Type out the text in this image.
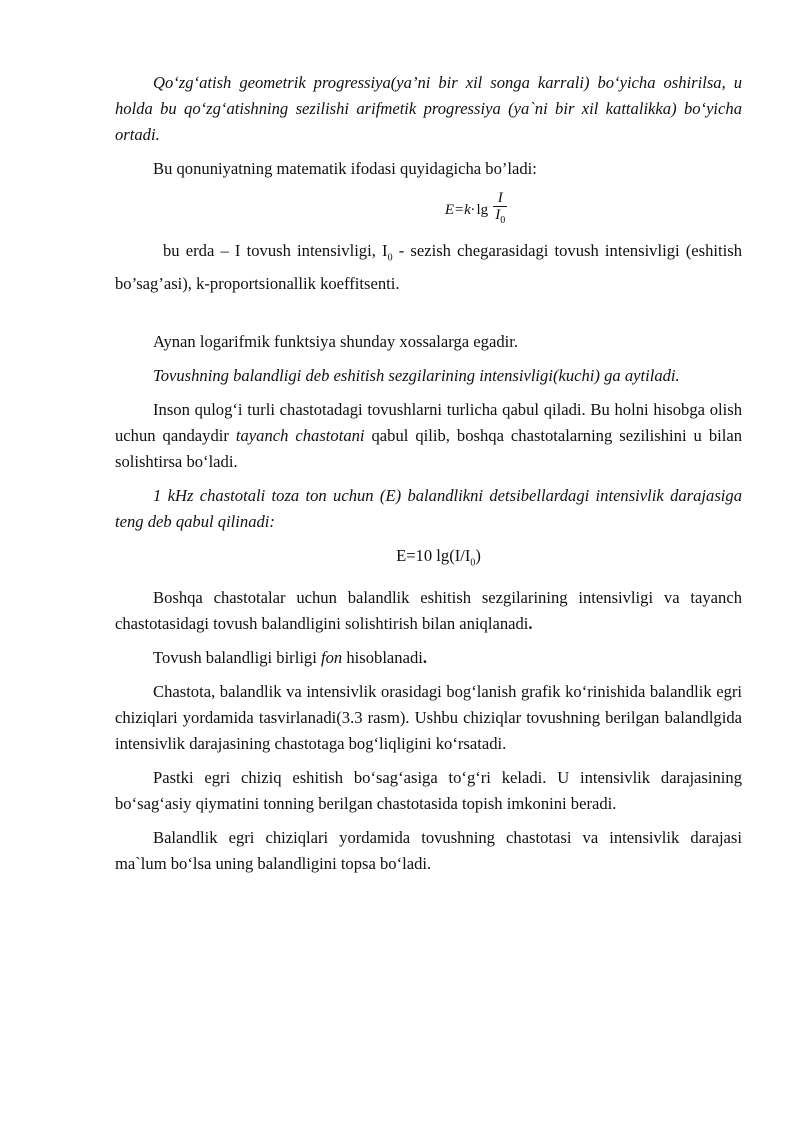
Qo‘zg‘atish geometrik progressiya(ya’ni bir xil songa karrali) bo‘yicha oshirilsa, u holda bu qo‘zg‘atishning sezilishi arifmetik progressiya (ya`ni bir xil kattalikka) bo‘yicha ortadi.

Bu qonuniyatning matematik ifodasi quyidagicha bo’ladi:

$E=k\cdot \lg \frac{I}{I_0}$

bu erda – I tovush intensivligi, $I_0$ - sezish chegarasidagi tovush intensivligi (eshitish bo’sag’asi), k-proportsionallik koeffitsenti.

Aynan logarifmik funktsiya shunday xossalarga egadir.

Tovushning balandligi deb eshitish sezgilarining intensivligi(kuchi) ga aytiladi.

Inson qulog‘i turli chastotadagi tovushlarni turlicha qabul qiladi. Bu holni hisobga olish uchun qandaydir tayanch chastotani qabul qilib, boshqa chastotalarning sezilishini u bilan solishtirsa bo‘ladi.

1 kHz chastotali toza ton uchun (E) balandlikni detsibellardagi intensivlik darajasiga teng deb qabul qilinadi:

E=10 $\lg(I/I_0)$

Boshqa chastotalar uchun balandlik eshitish sezgilarining intensivligi va tayanch chastotasidagi tovush balandligini solishtirish bilan aniqlanadi.

Tovush balandligi birligi fon hisoblanadi.

Chastota, balandlik va intensivlik orasidagi bog‘lanish grafik ko‘rinishida balandlik egri chiziqlari yordamida tasvirlanadi(3.3 rasm). Ushbu chiziqlar tovushning berilgan balandlgida intensivlik darajasining chastotaga bog‘liqligini ko‘rsatadi.

Pastki egri chiziq eshitish bo‘sag‘asiga to‘g‘ri keladi. U intensivlik darajasining bo‘sag‘asiy qiymatini tonning berilgan chastotasida topish imkonini beradi.

Balandlik egri chiziqlari yordamida tovushning chastotasi va intensivlik darajasi ma`lum bo‘lsa uning balandligini topsa bo‘ladi.
